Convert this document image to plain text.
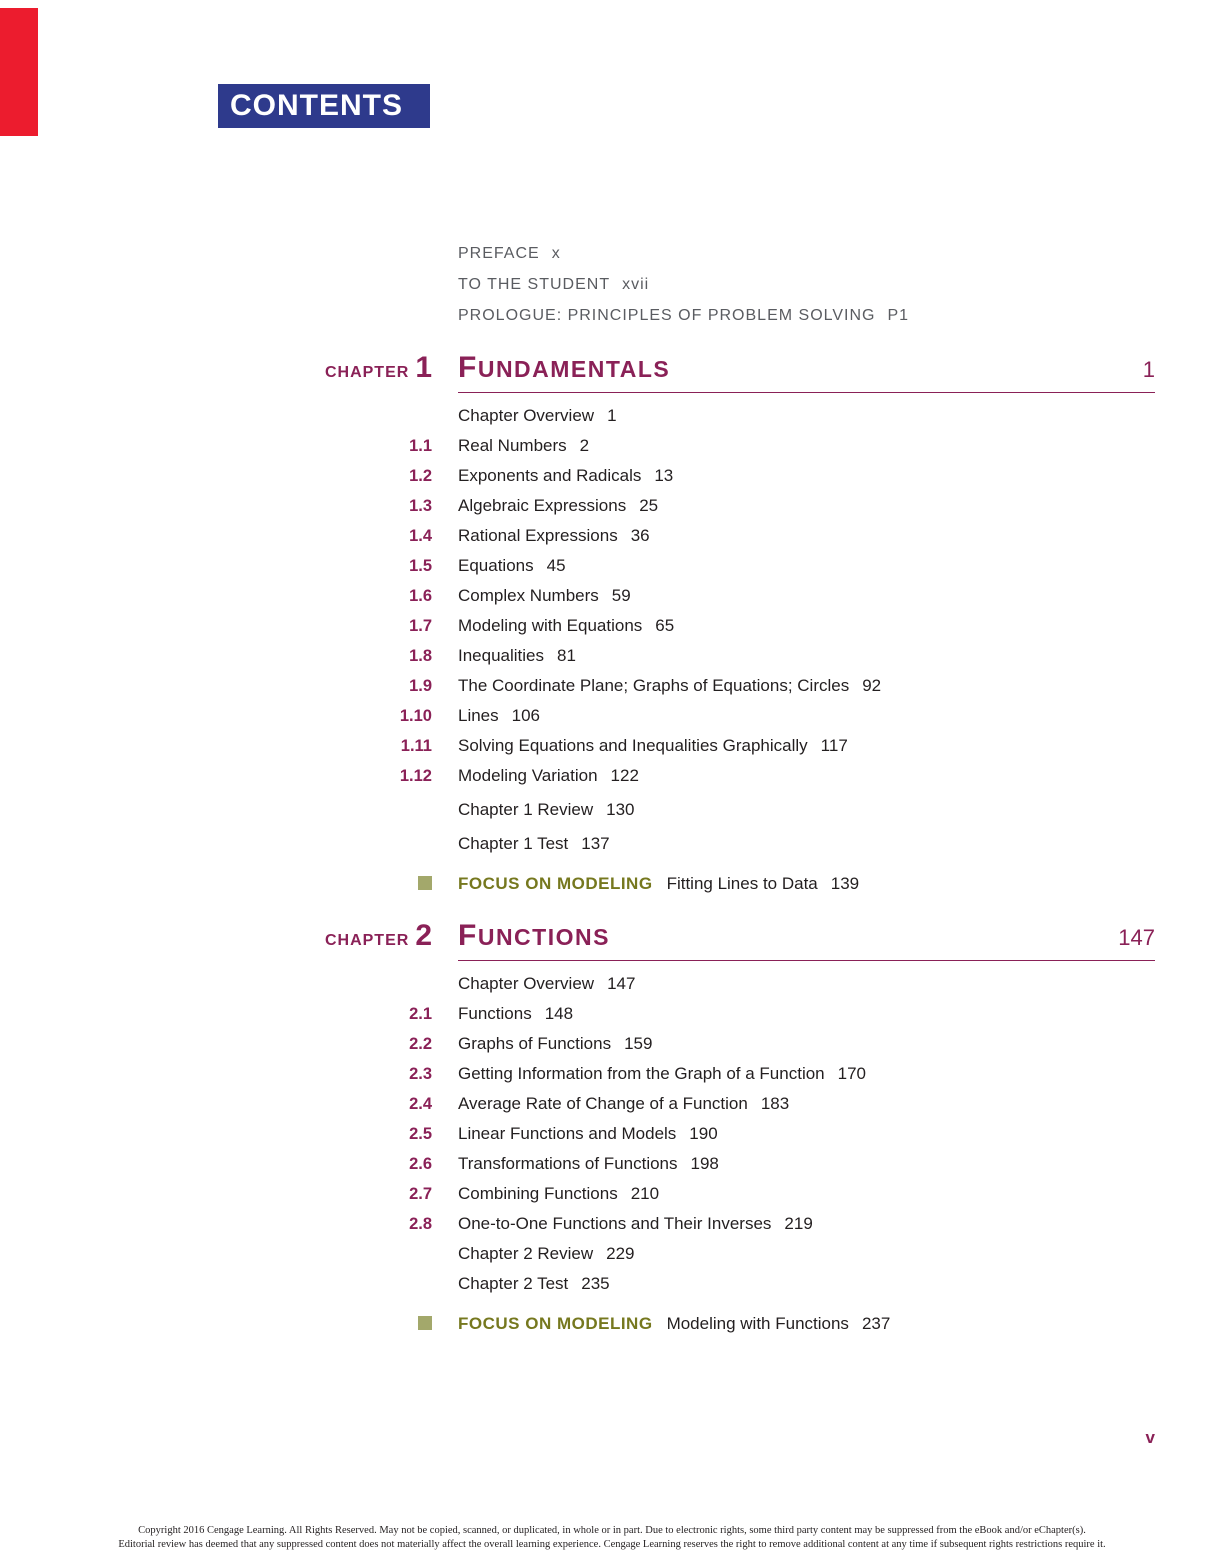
CONTENTS
PREFACE x
TO THE STUDENT xvii
PROLOGUE: PRINCIPLES OF PROBLEM SOLVING P1
CHAPTER 1 FUNDAMENTALS	1
Chapter Overview 1
1.1 Real Numbers 2
1.2 Exponents and Radicals 13
1.3 Algebraic Expressions 25
1.4 Rational Expressions 36
1.5 Equations 45
1.6 Complex Numbers 59
1.7 Modeling with Equations 65
1.8 Inequalities 81
1.9 The Coordinate Plane; Graphs of Equations; Circles 92
1.10 Lines 106
1.11 Solving Equations and Inequalities Graphically 117
1.12 Modeling Variation 122
Chapter 1 Review 130
Chapter 1 Test 137
FOCUS ON MODELING Fitting Lines to Data 139
CHAPTER 2 FUNCTIONS	147
Chapter Overview 147
2.1 Functions 148
2.2 Graphs of Functions 159
2.3 Getting Information from the Graph of a Function 170
2.4 Average Rate of Change of a Function 183
2.5 Linear Functions and Models 190
2.6 Transformations of Functions 198
2.7 Combining Functions 210
2.8 One-to-One Functions and Their Inverses 219
Chapter 2 Review 229
Chapter 2 Test 235
FOCUS ON MODELING Modeling with Functions 237
v
Copyright 2016 Cengage Learning. All Rights Reserved. May not be copied, scanned, or duplicated, in whole or in part. Due to electronic rights, some third party content may be suppressed from the eBook and/or eChapter(s).
Editorial review has deemed that any suppressed content does not materially affect the overall learning experience. Cengage Learning reserves the right to remove additional content at any time if subsequent rights restrictions require it.
